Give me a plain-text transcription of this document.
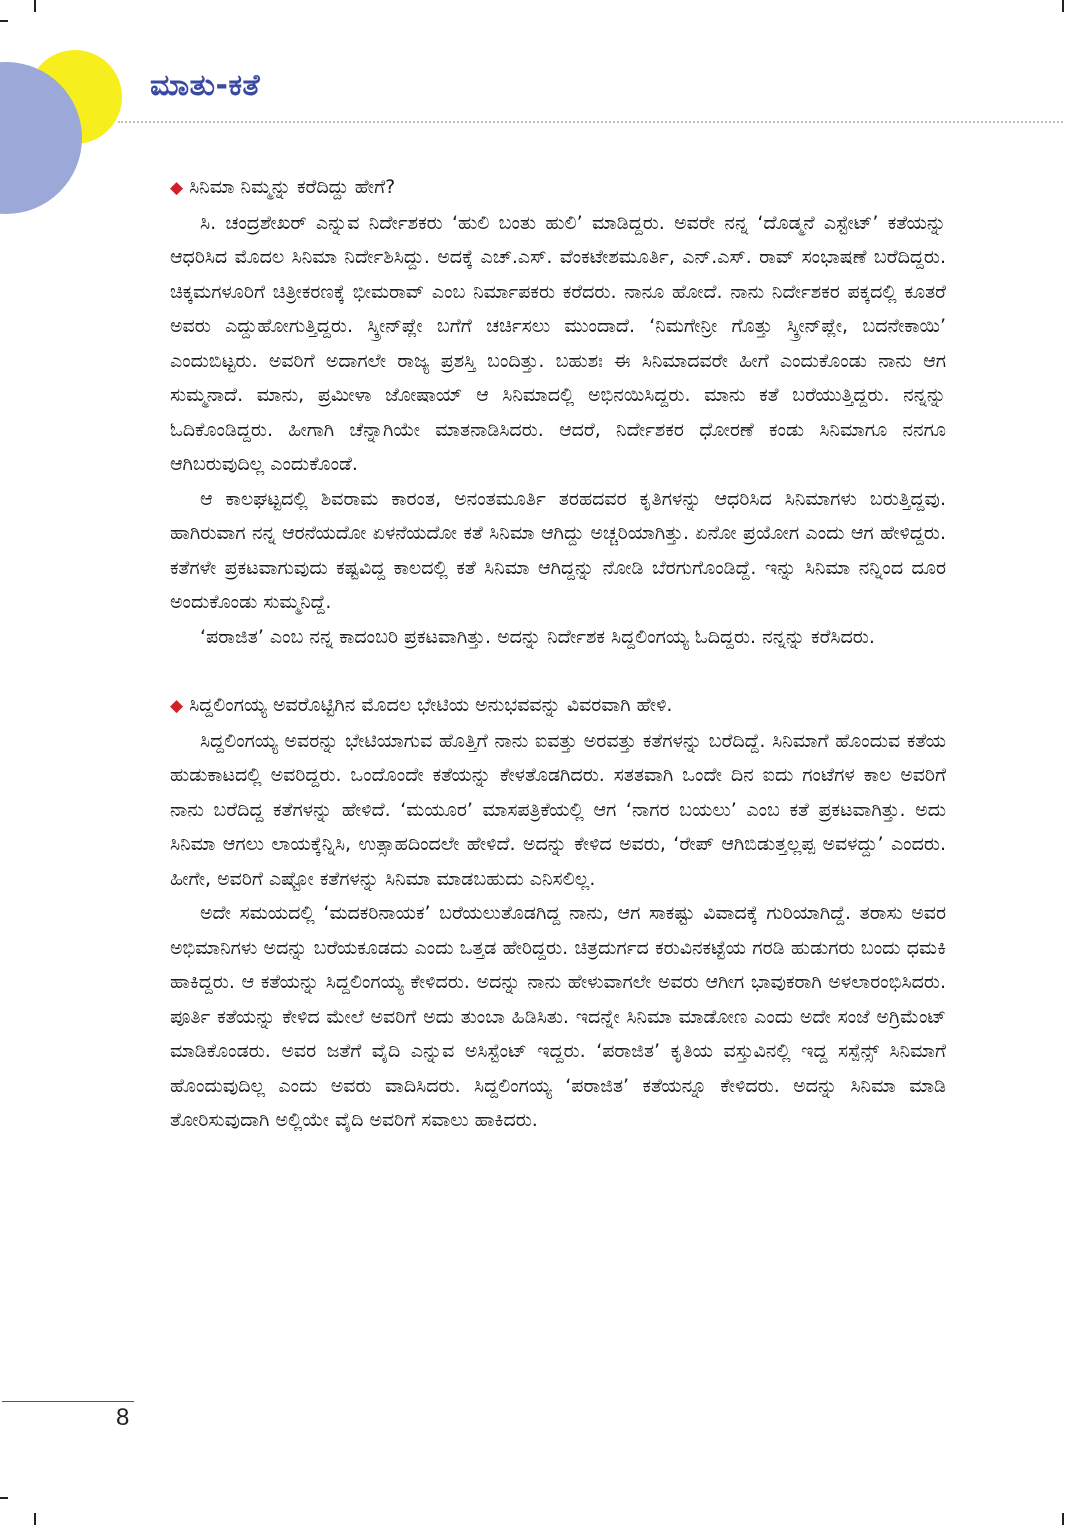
ಮಾತು-ಕತೆ

◆ ಸಿನಿಮಾ ನಿಮ್ಮನ್ನು ಕರೆದಿದ್ದು ಹೇಗೆ?

ಸಿ. ಚಂದ್ರಶೇಖರ್ ಎನ್ನುವ ನಿರ್ದೇಶಕರು ‘ಹುಲಿ ಬಂತು ಹುಲಿ’ ಮಾಡಿದ್ದರು. ಅವರೇ ನನ್ನ ‘ದೊಡ್ಮನೆ ಎಸ್ಟೇಟ್’ ಕತೆಯನ್ನು ಆಧರಿಸಿದ ಮೊದಲ ಸಿನಿಮಾ ನಿರ್ದೇಶಿಸಿದ್ದು. ಅದಕ್ಕೆ ಎಚ್.ಎಸ್. ವೆಂಕಟೇಶಮೂರ್ತಿ, ಎನ್.ಎಸ್. ರಾವ್ ಸಂಭಾಷಣೆ ಬರೆದಿದ್ದರು. ಚಿಕ್ಕಮಗಳೂರಿಗೆ ಚಿತ್ರೀಕರಣಕ್ಕೆ ಭೀಮರಾವ್ ಎಂಬ ನಿರ್ಮಾಪಕರು ಕರೆದರು. ನಾನೂ ಹೋದೆ. ನಾನು ನಿರ್ದೇಶಕರ ಪಕ್ಕದಲ್ಲಿ ಕೂತರೆ ಅವರು ಎದ್ದುಹೋಗುತ್ತಿದ್ದರು. ಸ್ಕ್ರೀನ್‌ಪ್ಲೇ ಬಗೆಗೆ ಚರ್ಚಿಸಲು ಮುಂದಾದೆ. ‘ನಿಮಗೇನ್ರೀ ಗೊತ್ತು ಸ್ಕ್ರೀನ್‌ಪ್ಲೇ, ಬದನೇಕಾಯಿ’ ಎಂದುಬಿಟ್ಟರು. ಅವರಿಗೆ ಅದಾಗಲೇ ರಾಜ್ಯ ಪ್ರಶಸ್ತಿ ಬಂದಿತ್ತು. ಬಹುಶಃ ಈ ಸಿನಿಮಾದವರೇ ಹೀಗೆ ಎಂದುಕೊಂಡು ನಾನು ಆಗ ಸುಮ್ಮನಾದೆ. ಮಾನು, ಪ್ರಮೀಳಾ ಜೋಷಾಯ್ ಆ ಸಿನಿಮಾದಲ್ಲಿ ಅಭಿನಯಿಸಿದ್ದರು. ಮಾನು ಕತೆ ಬರೆಯುತ್ತಿದ್ದರು. ನನ್ನನ್ನು ಓದಿಕೊಂಡಿದ್ದರು. ಹೀಗಾಗಿ ಚೆನ್ನಾಗಿಯೇ ಮಾತನಾಡಿಸಿದರು. ಆದರೆ, ನಿರ್ದೇಶಕರ ಧೋರಣೆ ಕಂಡು ಸಿನಿಮಾಗೂ ನನಗೂ ಆಗಿಬರುವುದಿಲ್ಲ ಎಂದುಕೊಂಡೆ.

ಆ ಕಾಲಘಟ್ಟದಲ್ಲಿ ಶಿವರಾಮ ಕಾರಂತ, ಅನಂತಮೂರ್ತಿ ತರಹದವರ ಕೃತಿಗಳನ್ನು ಆಧರಿಸಿದ ಸಿನಿಮಾಗಳು ಬರುತ್ತಿದ್ದವು. ಹಾಗಿರುವಾಗ ನನ್ನ ಆರನೆಯದೋ ಏಳನೆಯದೋ ಕತೆ ಸಿನಿಮಾ ಆಗಿದ್ದು ಅಚ್ಚರಿಯಾಗಿತ್ತು. ಏನೋ ಪ್ರಯೋಗ ಎಂದು ಆಗ ಹೇಳಿದ್ದರು. ಕತೆಗಳೇ ಪ್ರಕಟವಾಗುವುದು ಕಷ್ಟವಿದ್ದ ಕಾಲದಲ್ಲಿ ಕತೆ ಸಿನಿಮಾ ಆಗಿದ್ದನ್ನು ನೋಡಿ ಬೆರಗುಗೊಂಡಿದ್ದೆ. ಇನ್ನು ಸಿನಿಮಾ ನನ್ನಿಂದ ದೂರ ಅಂದುಕೊಂಡು ಸುಮ್ಮನಿದ್ದೆ.

‘ಪರಾಜಿತ’ ಎಂಬ ನನ್ನ ಕಾದಂಬರಿ ಪ್ರಕಟವಾಗಿತ್ತು. ಅದನ್ನು ನಿರ್ದೇಶಕ ಸಿದ್ದಲಿಂಗಯ್ಯ ಓದಿದ್ದರು. ನನ್ನನ್ನು ಕರೆಸಿದರು.

◆ ಸಿದ್ದಲಿಂಗಯ್ಯ ಅವರೊಟ್ಟಿಗಿನ ಮೊದಲ ಭೇಟಿಯ ಅನುಭವವನ್ನು ವಿವರವಾಗಿ ಹೇಳಿ.

ಸಿದ್ದಲಿಂಗಯ್ಯ ಅವರನ್ನು ಭೇಟಿಯಾಗುವ ಹೊತ್ತಿಗೆ ನಾನು ಐವತ್ತು ಅರವತ್ತು ಕತೆಗಳನ್ನು ಬರೆದಿದ್ದೆ. ಸಿನಿಮಾಗೆ ಹೊಂದುವ ಕತೆಯ ಹುಡುಕಾಟದಲ್ಲಿ ಅವರಿದ್ದರು. ಒಂದೊಂದೇ ಕತೆಯನ್ನು ಕೇಳತೊಡಗಿದರು. ಸತತವಾಗಿ ಒಂದೇ ದಿನ ಐದು ಗಂಟೆಗಳ ಕಾಲ ಅವರಿಗೆ ನಾನು ಬರೆದಿದ್ದ ಕತೆಗಳನ್ನು ಹೇಳಿದೆ. ‘ಮಯೂರ’ ಮಾಸಪತ್ರಿಕೆಯಲ್ಲಿ ಆಗ ‘ನಾಗರ ಬಯಲು’ ಎಂಬ ಕತೆ ಪ್ರಕಟವಾಗಿತ್ತು. ಅದು ಸಿನಿಮಾ ಆಗಲು ಲಾಯಕ್ಕೆನ್ನಿಸಿ, ಉತ್ಸಾಹದಿಂದಲೇ ಹೇಳಿದೆ. ಅದನ್ನು ಕೇಳಿದ ಅವರು, ‘ರೇಪ್ ಆಗಿಬಿಡುತ್ತಲ್ಲಪ್ಪ ಅವಳದ್ದು’ ಎಂದರು. ಹೀಗೇ, ಅವರಿಗೆ ಎಷ್ಟೋ ಕತೆಗಳನ್ನು ಸಿನಿಮಾ ಮಾಡಬಹುದು ಎನಿಸಲಿಲ್ಲ.

ಅದೇ ಸಮಯದಲ್ಲಿ ‘ಮದಕರಿನಾಯಕ’ ಬರೆಯಲುತೊಡಗಿದ್ದ ನಾನು, ಆಗ ಸಾಕಷ್ಟು ವಿವಾದಕ್ಕೆ ಗುರಿಯಾಗಿದ್ದೆ. ತರಾಸು ಅವರ ಅಭಿಮಾನಿಗಳು ಅದನ್ನು ಬರೆಯಕೂಡದು ಎಂದು ಒತ್ತಡ ಹೇರಿದ್ದರು. ಚಿತ್ರದುರ್ಗದ ಕರುವಿನಕಟ್ಟೆಯ ಗರಡಿ ಹುಡುಗರು ಬಂದು ಧಮಕಿ ಹಾಕಿದ್ದರು. ಆ ಕತೆಯನ್ನು ಸಿದ್ದಲಿಂಗಯ್ಯ ಕೇಳಿದರು. ಅದನ್ನು ನಾನು ಹೇಳುವಾಗಲೇ ಅವರು ಆಗೀಗ ಭಾವುಕರಾಗಿ ಅಳಲಾರಂಭಿಸಿದರು. ಪೂರ್ತಿ ಕತೆಯನ್ನು ಕೇಳಿದ ಮೇಲೆ ಅವರಿಗೆ ಅದು ತುಂಬಾ ಹಿಡಿಸಿತು. ಇದನ್ನೇ ಸಿನಿಮಾ ಮಾಡೋಣ ಎಂದು ಅದೇ ಸಂಜೆ ಅಗ್ರಿಮೆಂಟ್ ಮಾಡಿಕೊಂಡರು. ಅವರ ಜತೆಗೆ ವೈದಿ ಎನ್ನುವ ಅಸಿಸ್ಟೆಂಟ್ ಇದ್ದರು. ‘ಪರಾಜಿತ’ ಕೃತಿಯ ವಸ್ತುವಿನಲ್ಲಿ ಇದ್ದ ಸಸ್ಪೆನ್ಸ್ ಸಿನಿಮಾಗೆ ಹೊಂದುವುದಿಲ್ಲ ಎಂದು ಅವರು ವಾದಿಸಿದರು. ಸಿದ್ದಲಿಂಗಯ್ಯ ‘ಪರಾಜಿತ’ ಕತೆಯನ್ನೂ ಕೇಳಿದರು. ಅದನ್ನು ಸಿನಿಮಾ ಮಾಡಿ ತೋರಿಸುವುದಾಗಿ ಅಲ್ಲಿಯೇ ವೈದಿ ಅವರಿಗೆ ಸವಾಲು ಹಾಕಿದರು.

8
